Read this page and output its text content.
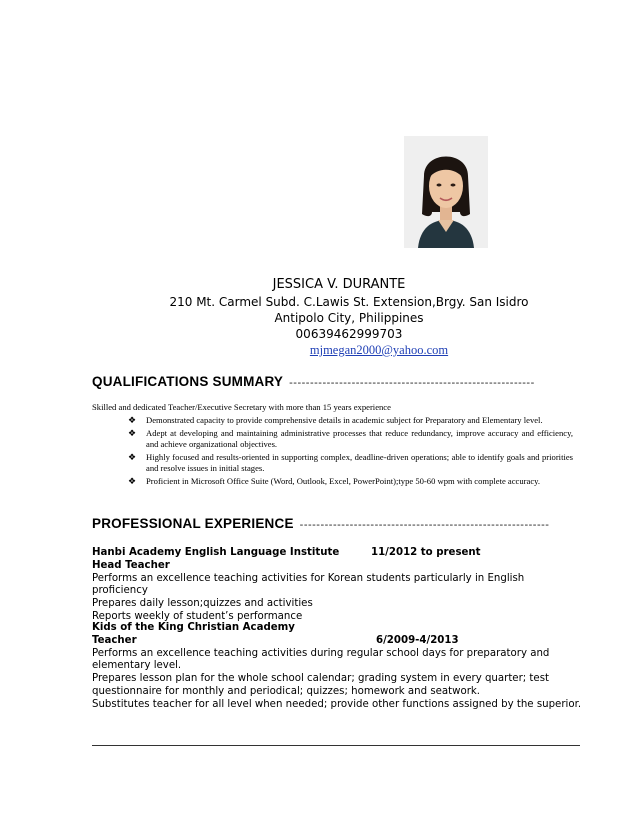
JESSICA V. DURANTE
210 Mt. Carmel Subd. C.Lawis St. Extension,Brgy. San Isidro
Antipolo City, Philippines
00639462999703
mjmegan2000@yahoo.com
QUALIFICATIONS SUMMARY -----------------------------------------------------------
Skilled and dedicated Teacher/Executive Secretary with more than 15 years experience
❖ Demonstrated capacity to provide comprehensive details in academic subject for Preparatory and Elementary level.
❖ Adept at developing and maintaining administrative processes that reduce redundancy, improve accuracy and efficiency, and achieve organizational objectives.
❖ Highly focused and results-oriented in supporting complex, deadline-driven operations; able to identify goals and priorities and resolve issues in initial stages.
❖ Proficient in Microsoft Office Suite (Word, Outlook, Excel, PowerPoint);type 50-60 wpm with complete accuracy.
PROFESSIONAL EXPERIENCE ------------------------------------------------------------
Hanbi Academy English Language Institute	11/2012 to present
Head Teacher
Performs an excellence teaching activities for Korean students particularly in English proficiency
Prepares daily lesson;quizzes and activities
Reports weekly of student’s performance
Kids of the King Christian Academy
Teacher	6/2009-4/2013
Performs an excellence teaching activities during regular school days for preparatory and elementary level.
Prepares lesson plan for the whole school calendar; grading system in every quarter; test questionnaire for monthly and periodical; quizzes; homework and seatwork.
Substitutes teacher for all level when needed; provide other functions assigned by the superior.
